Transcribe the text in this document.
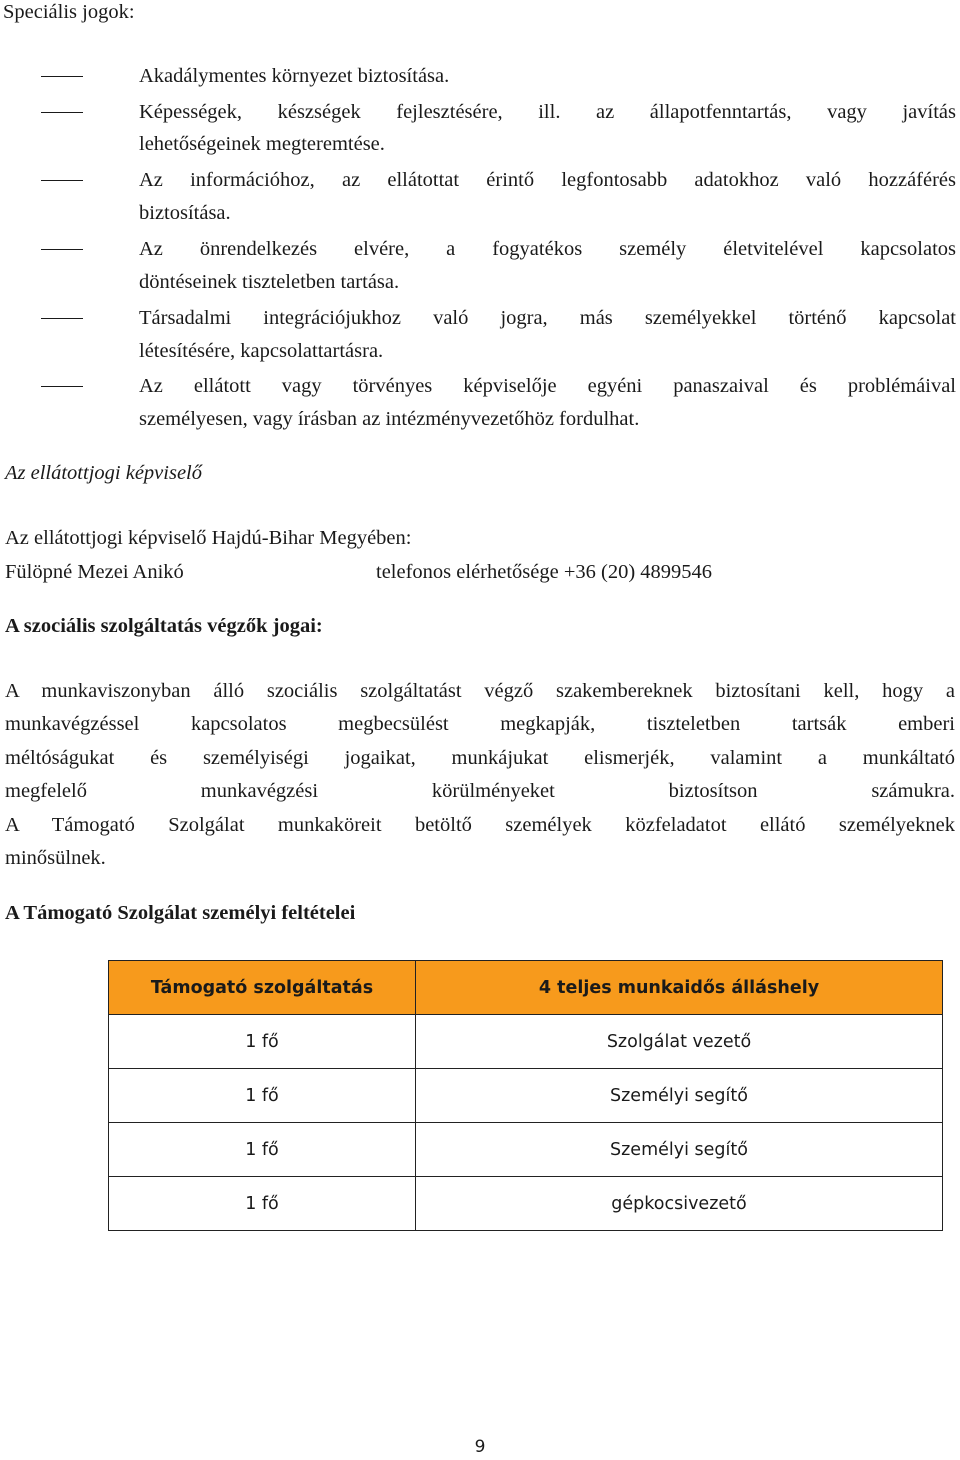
Speciális jogok:
Akadálymentes környezet biztosítása.
Képességek, készségek fejlesztésére, ill. az állapotfenntartás, vagy javítás
lehetőségeinek megteremtése.
Az információhoz, az ellátottat érintő legfontosabb adatokhoz való hozzáférés
biztosítása.
Az önrendelkezés elvére, a fogyatékos személy életvitelével kapcsolatos
döntéseinek tiszteletben tartása.
Társadalmi integrációjukhoz való jogra, más személyekkel történő kapcsolat
létesítésére, kapcsolattartásra.
Az ellátott vagy törvényes képviselője egyéni panaszaival és problémáival
személyesen, vagy írásban az intézményvezetőhöz fordulhat.
Az ellátottjogi képviselő
Az ellátottjogi képviselő Hajdú-Bihar Megyében:
Fülöpné Mezei Anikó	telefonos elérhetősége +36 (20) 4899546
A szociális szolgáltatás végzők jogai:
A munkaviszonyban álló szociális szolgáltatást végző szakembereknek biztosítani kell, hogy a
munkavégzéssel kapcsolatos megbecsülést megkapják, tiszteletben tartsák emberi
méltóságukat és személyiségi jogaikat, munkájukat elismerjék, valamint a munkáltató
megfelelő munkavégzési körülményeket biztosítson számukra.
A Támogató Szolgálat munkaköreit betöltő személyek közfeladatot ellátó személyeknek
minősülnek.
A Támogató Szolgálat személyi feltételei
Támogató szolgáltatás	4 teljes munkaidős álláshely
1 fő	Szolgálat vezető
1 fő	Személyi segítő
1 fő	Személyi segítő
1 fő	gépkocsivezető
9
